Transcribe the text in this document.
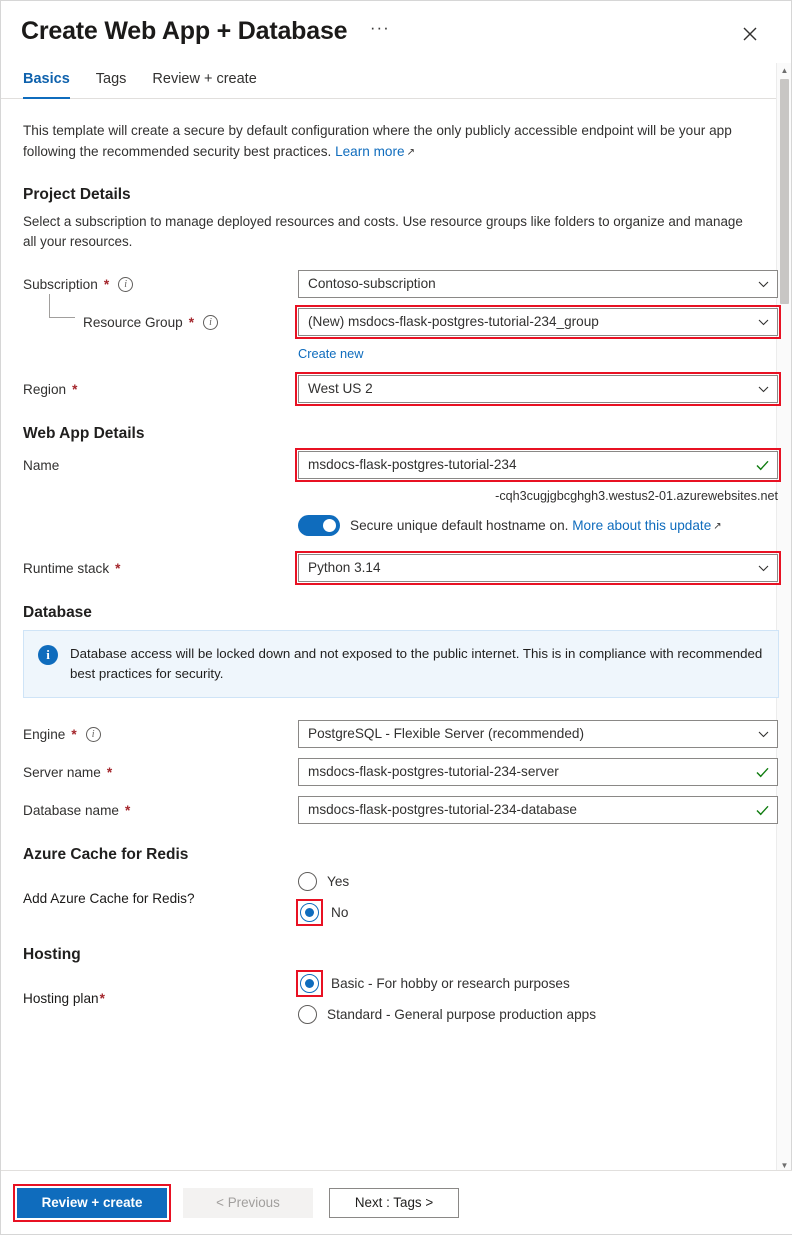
Create Web App + Database ···
Basics Tags Review + create
▲
▼
This template will create a secure by default configuration where the only publicly accessible endpoint will be your app following the recommended security best practices. Learn more ↗
Project Details
Select a subscription to manage deployed resources and costs. Use resource groups like folders to organize and manage all your resources.
Subscription *	i	Contoso-subscription
Resource Group *	i	(New) msdocs-flask-postgres-tutorial-234_group
Create new
Region *	West US 2
Web App Details
Name	msdocs-flask-postgres-tutorial-234
-cqh3cugjgbcghgh3.westus2-01.azurewebsites.net
Secure unique default hostname on. More about this update ↗
Runtime stack *	Python 3.14
Database
i	Database access will be locked down and not exposed to the public internet. This is in compliance with recommended best practices for security.
Engine *	i	PostgreSQL - Flexible Server (recommended)
Server name *	msdocs-flask-postgres-tutorial-234-server
Database name *	msdocs-flask-postgres-tutorial-234-database
Azure Cache for Redis
Add Azure Cache for Redis?
Yes
No
Hosting
Hosting plan*
Basic - For hobby or research purposes
Standard - General purpose production apps
Review + create	< Previous	Next : Tags >
